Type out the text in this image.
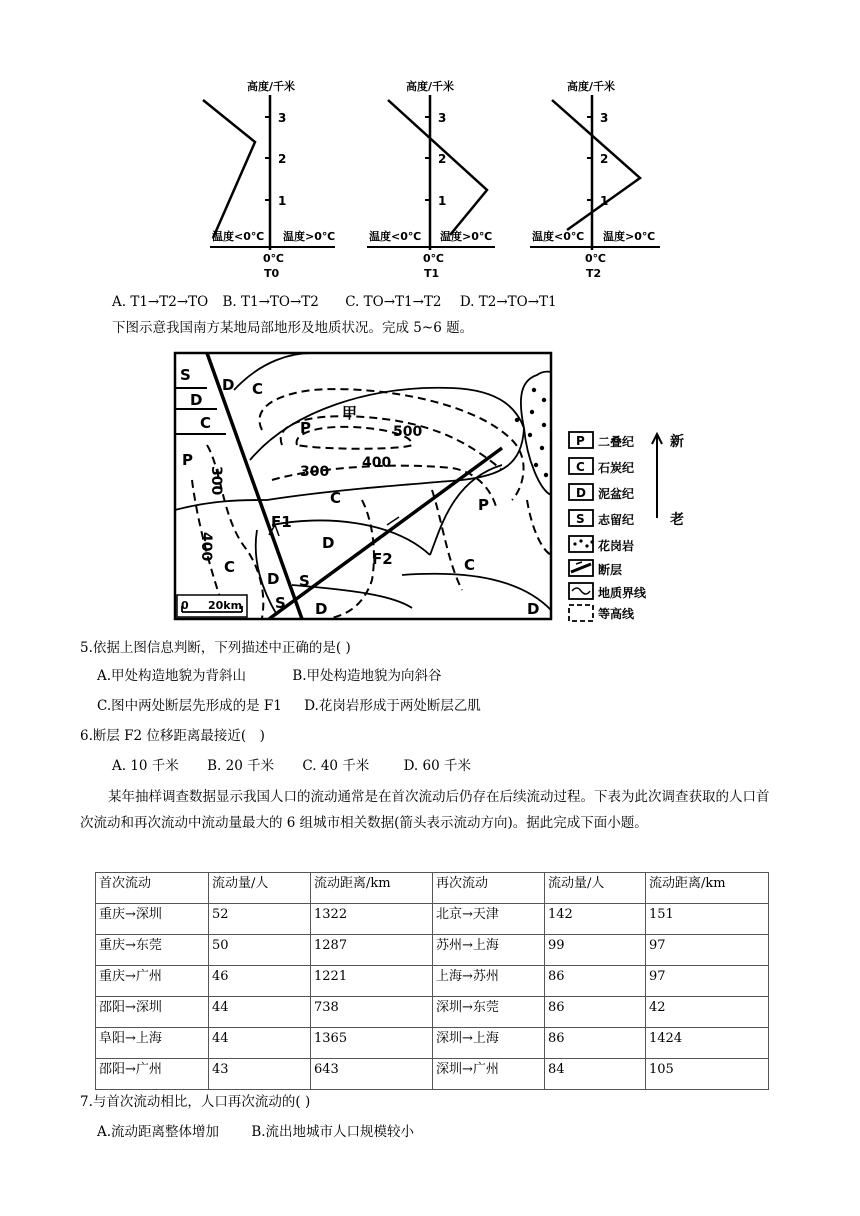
高度/千米
3
2
1
温度<0℃ 温度>0℃
0℃
T0
高度/千米
3
2
1
温度<0℃ 温度>0℃
0℃
T1
高度/千米
3
2
1
温度<0℃ 温度>0℃
0℃
T2
A. T1→T2→TO B. T1→TO→T2 C. TO→T1→T2 D. T2→TO→T1
下图示意我国南方某地局部地形及地质状况。完成 5~6 题。
S
D
C
D C
P
甲
P
C
D
C
D S
S D
C
P
D
F1
F2
500
400
300
300
400
0 20km
P 二叠纪
C 石炭纪
D 泥盆纪
S 志留纪
花岗岩
断层
地质界线
等高线
新
老
5.依据上图信息判断，下列描述中正确的是( )
A.甲处构造地貌为背斜山	B.甲处构造地貌为向斜谷
C.图中两处断层先形成的是 F1 D.花岗岩形成于两处断层乙肌
6.断层 F2 位移距离最接近(　)
A. 10 千米 B. 20 千米 C. 40 千米	D. 60 千米
某年抽样调查数据显示我国人口的流动通常是在首次流动后仍存在后续流动过程。下表为此次调查获取的人口首次流动和再次流动中流动量最大的 6 组城市相关数据(箭头表示流动方向)。据此完成下面小题。
首次流动	流动量/人	流动距离/km	再次流动	流动量/人	流动距离/km
重庆→深圳	52	1322	北京→天津	142	151
重庆→东莞	50	1287	苏州→上海	99	97
重庆→广州	46	1221	上海→苏州	86	97
邵阳→深圳	44	738	深圳→东莞	86	42
阜阳→上海	44	1365	深圳→上海	86	1424
邵阳→广州	43	643	深圳→广州	84	105
7.与首次流动相比，人口再次流动的( )
A.流动距离整体增加 B.流出地城市人口规模较小
